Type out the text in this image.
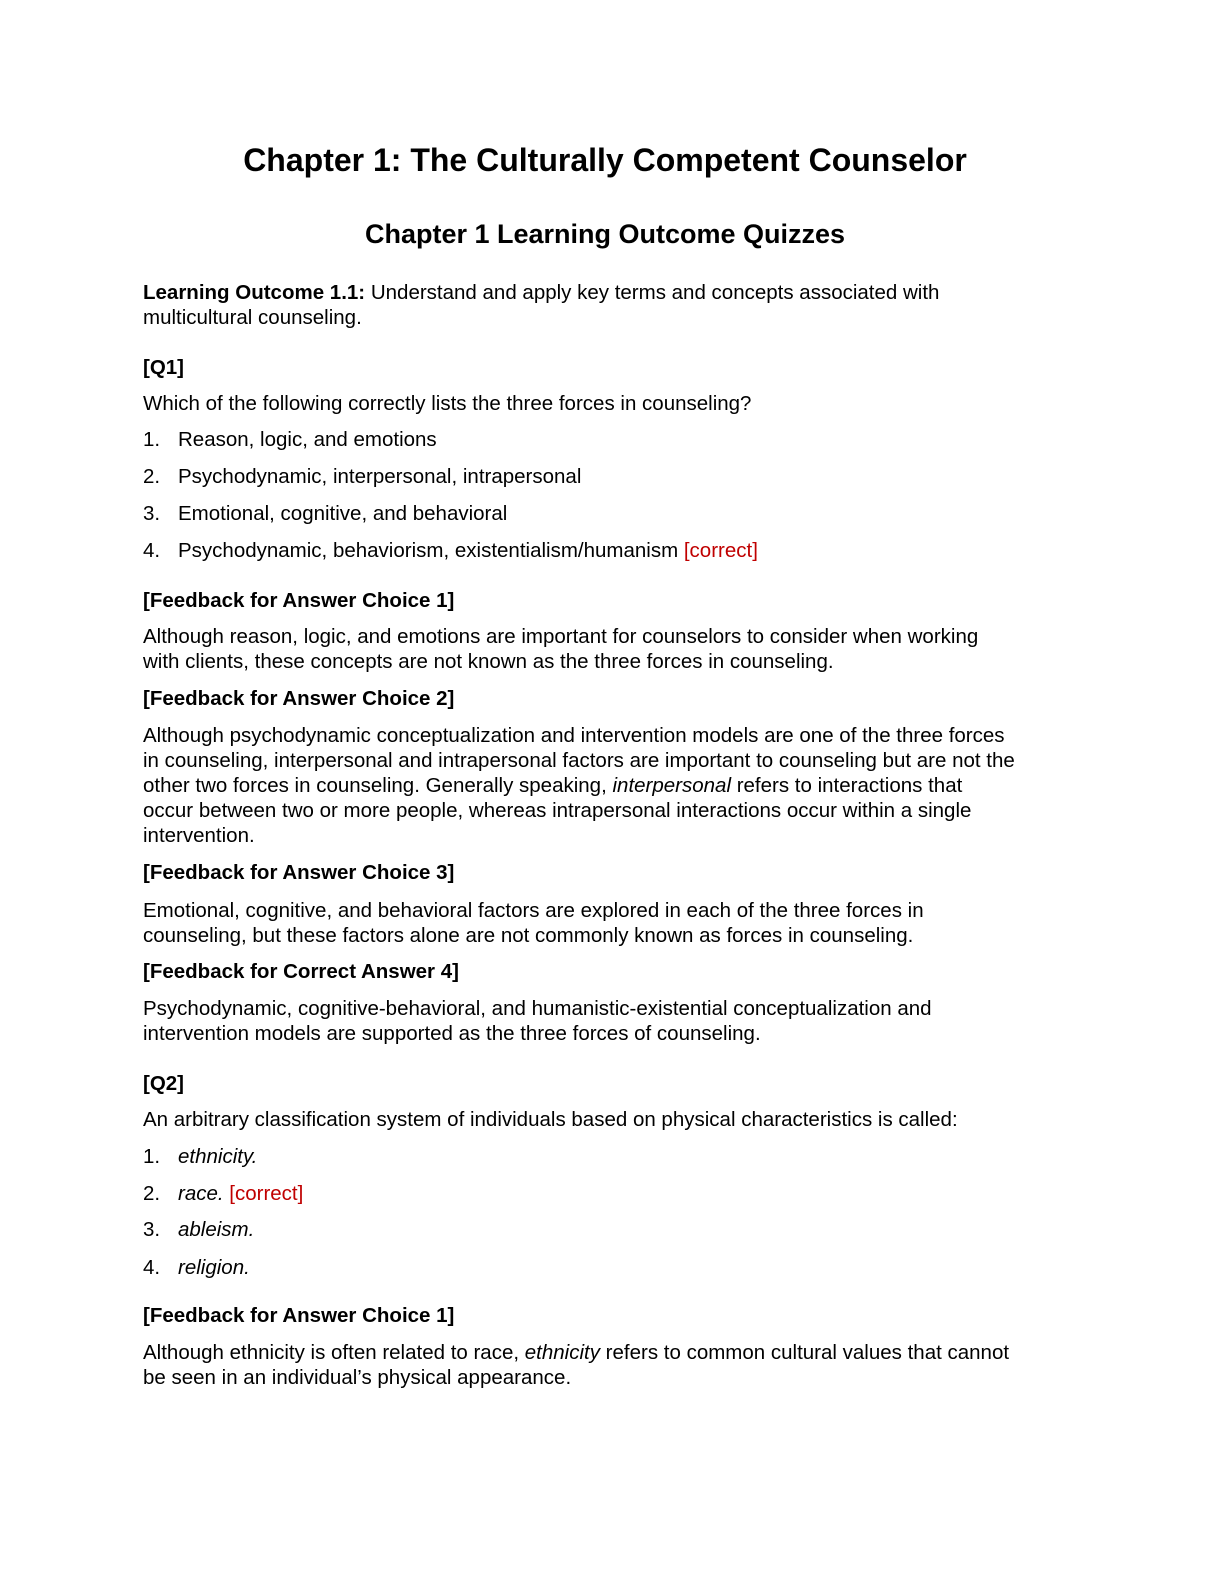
Chapter 1: The Culturally Competent Counselor
Chapter 1 Learning Outcome Quizzes
Learning Outcome 1.1: Understand and apply key terms and concepts associated with
multicultural counseling.
[Q1]
Which of the following correctly lists the three forces in counseling?
1. Reason, logic, and emotions
2. Psychodynamic, interpersonal, intrapersonal
3. Emotional, cognitive, and behavioral
4. Psychodynamic, behaviorism, existentialism/humanism [correct]
[Feedback for Answer Choice 1]
Although reason, logic, and emotions are important for counselors to consider when working
with clients, these concepts are not known as the three forces in counseling.
[Feedback for Answer Choice 2]
Although psychodynamic conceptualization and intervention models are one of the three forces
in counseling, interpersonal and intrapersonal factors are important to counseling but are not the
other two forces in counseling. Generally speaking, interpersonal refers to interactions that
occur between two or more people, whereas intrapersonal interactions occur within a single
intervention.
[Feedback for Answer Choice 3]
Emotional, cognitive, and behavioral factors are explored in each of the three forces in
counseling, but these factors alone are not commonly known as forces in counseling.
[Feedback for Correct Answer 4]
Psychodynamic, cognitive-behavioral, and humanistic-existential conceptualization and
intervention models are supported as the three forces of counseling.
[Q2]
An arbitrary classification system of individuals based on physical characteristics is called:
1. ethnicity.
2. race. [correct]
3. ableism.
4. religion.
[Feedback for Answer Choice 1]
Although ethnicity is often related to race, ethnicity refers to common cultural values that cannot
be seen in an individual’s physical appearance.
